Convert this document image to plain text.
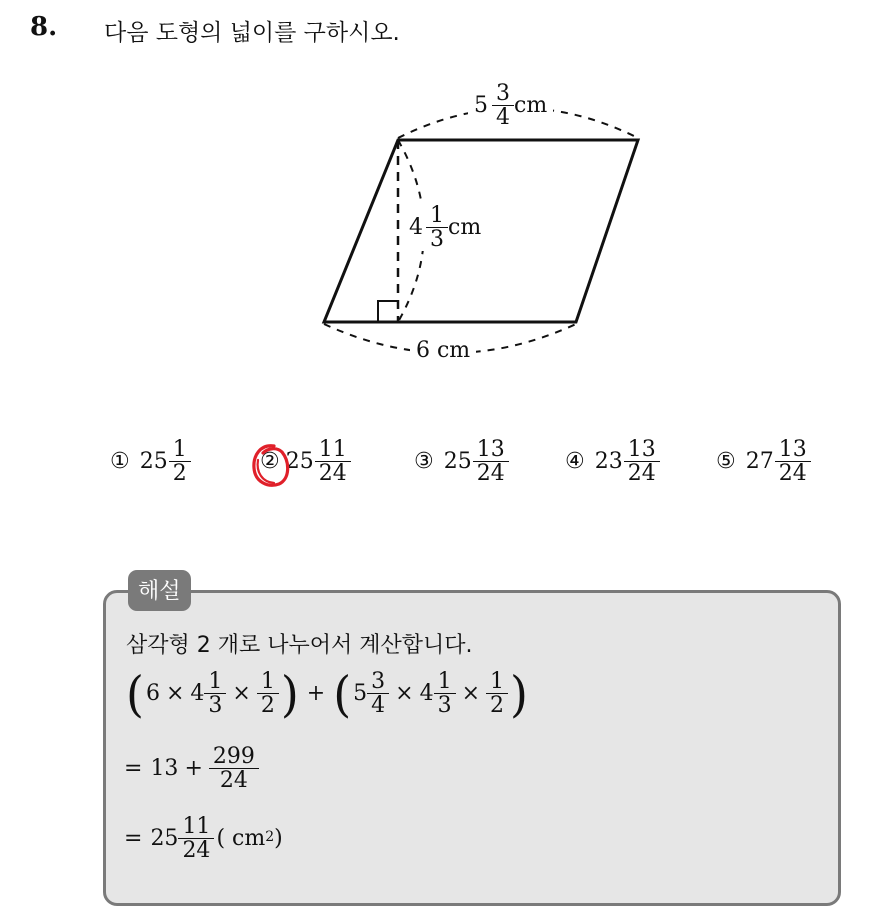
8. 다음 도형의 넓이를 구하시오.
$5 \frac{3}{4}$ cm
$4 \frac{1}{3}$ cm
6 cm
① $25 \frac{1}{2}$	② $25 \frac{11}{24}$	③ $25 \frac{13}{24}$	④ $23 \frac{13}{24}$	⑤ $27 \frac{13}{24}$
해설
삼각형 2 개로 나누어서 계산합니다.
( $6 \times 4 \frac{1}{3} \times \frac{1}{2}$ ) + ( $5 \frac{3}{4} \times 4 \frac{1}{3} \times \frac{1}{2}$ )
= $13 + \frac{299}{24}$
= $25 \frac{11}{24}$ ( cm 2 )
